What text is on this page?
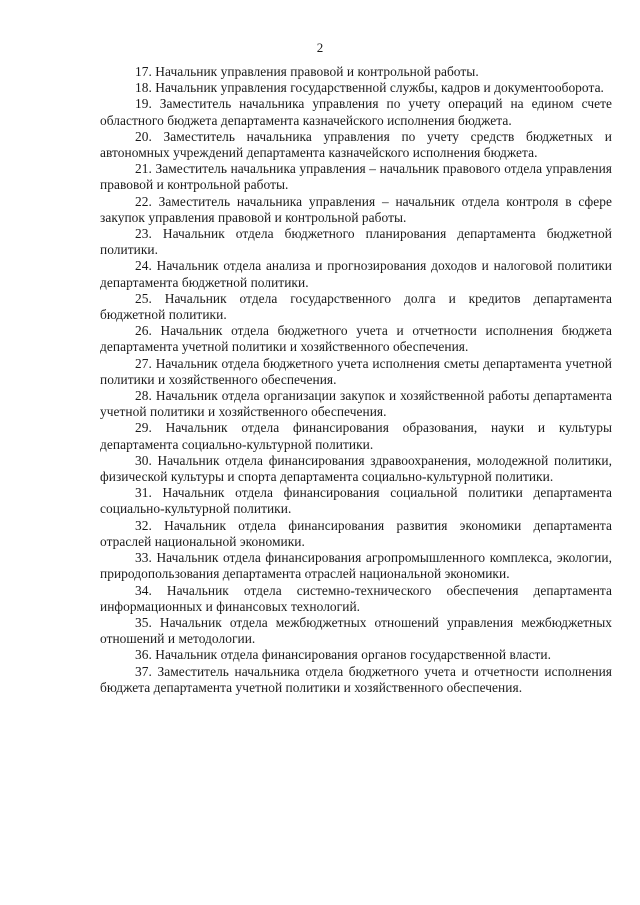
2

17. Начальник управления правовой и контрольной работы.

18. Начальник управления государственной службы, кадров и документооборота.

19. Заместитель начальника управления по учету операций на едином счете областного бюджета департамента казначейского исполнения бюджета.

20. Заместитель начальника управления по учету средств бюджетных и автономных учреждений департамента казначейского исполнения бюджета.

21. Заместитель начальника управления – начальник правового отдела управления правовой и контрольной работы.

22. Заместитель начальника управления – начальник отдела контроля в сфере закупок управления правовой и контрольной работы.

23. Начальник отдела бюджетного планирования департамента бюджетной политики.

24. Начальник отдела анализа и прогнозирования доходов и налоговой политики департамента бюджетной политики.

25. Начальник отдела государственного долга и кредитов департамента бюджетной политики.

26. Начальник отдела бюджетного учета и отчетности исполнения бюджета департамента учетной политики и хозяйственного обеспечения.

27. Начальник отдела бюджетного учета исполнения сметы департамента учетной политики и хозяйственного обеспечения.

28. Начальник отдела организации закупок и хозяйственной работы департамента учетной политики и хозяйственного обеспечения.

29. Начальник отдела финансирования образования, науки и культуры департамента социально-культурной политики.

30. Начальник отдела финансирования здравоохранения, молодежной политики, физической культуры и спорта департамента социально-культурной политики.

31. Начальник отдела финансирования социальной политики департамента социально-культурной политики.

32. Начальник отдела финансирования развития экономики департамента отраслей национальной экономики.

33. Начальник отдела финансирования агропромышленного комплекса, экологии, природопользования департамента отраслей национальной экономики.

34. Начальник отдела системно-технического обеспечения департамента информационных и финансовых технологий.

35. Начальник отдела межбюджетных отношений управления межбюджетных отношений и методологии.

36. Начальник отдела финансирования органов государственной власти.

37. Заместитель начальника отдела бюджетного учета и отчетности исполнения бюджета департамента учетной политики и хозяйственного обеспечения.
